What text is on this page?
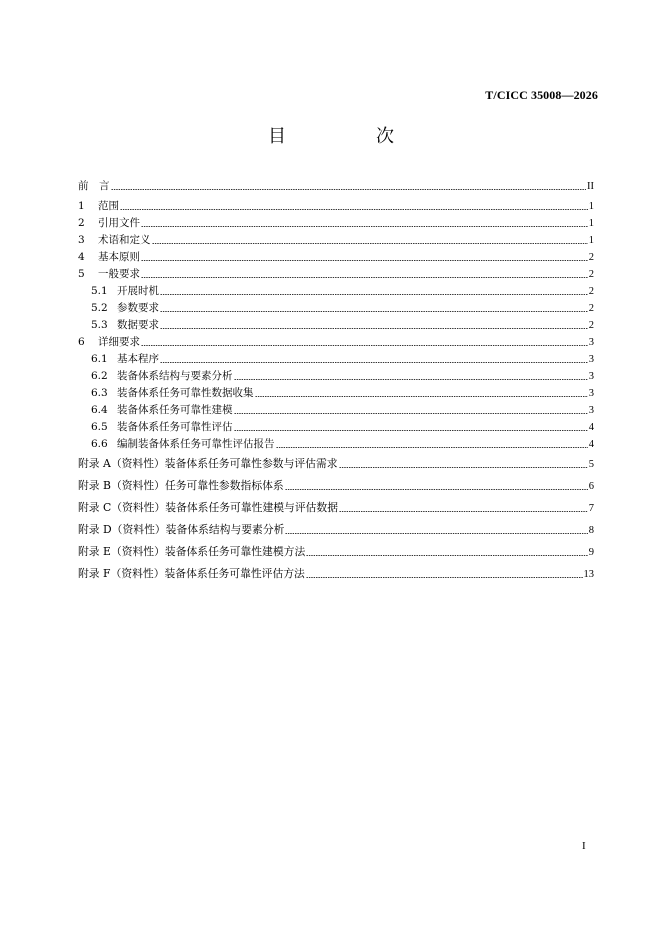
T/CICC 35008—2026
目　次
前　言	II
1	范围	1
2	引用文件	1
3	术语和定义	1
4	基本原则	2
5	一般要求	2
5.1 开展时机	2
5.2 参数要求	2
5.3 数据要求	2
6	详细要求	3
6.1 基本程序	3
6.2 装备体系结构与要素分析	3
6.3 装备体系任务可靠性数据收集	3
6.4 装备体系任务可靠性建模	3
6.5 装备体系任务可靠性评估	4
6.6 编制装备体系任务可靠性评估报告	4
附录 A（资料性）装备体系任务可靠性参数与评估需求	5
附录 B（资料性）任务可靠性参数指标体系	6
附录 C（资料性）装备体系任务可靠性建模与评估数据	7
附录 D（资料性）装备体系结构与要素分析	8
附录 E（资料性）装备体系任务可靠性建模方法	9
附录 F（资料性）装备体系任务可靠性评估方法	13
I
